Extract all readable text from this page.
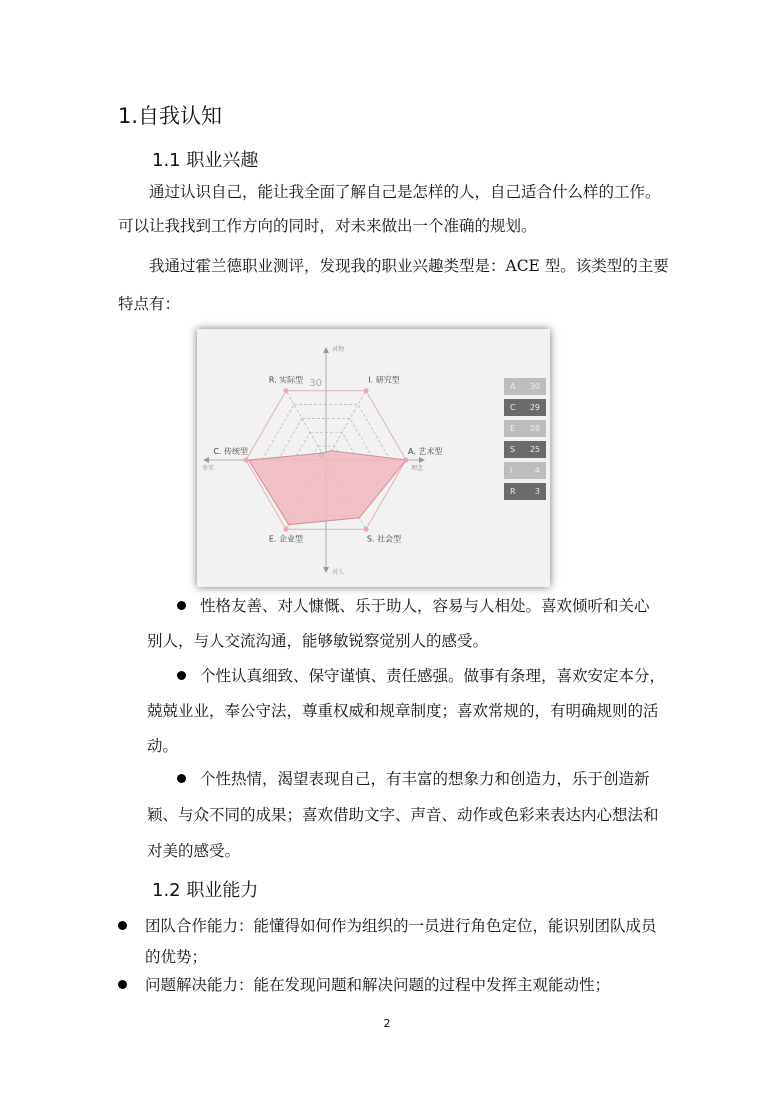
1.自我认知
1.1 职业兴趣
通过认识自己，能让我全面了解自己是怎样的人，自己适合什么样的工作。
可以让我找到工作方向的同时，对未来做出一个准确的规划。
我通过霍兰德职业测评，发现我的职业兴趣类型是：ACE 型。该类型的主要
特点有：
R. 实际型	I. 研究型
A. 艺术型
S. 社会型
E. 企业型
C. 传统型
对物
对人
务实	理念
30
0
A 30
C 29
E 28
S 25
I	4
R 3
性格友善、对人慷慨、乐于助人，容易与人相处。喜欢倾听和关心
别人，与人交流沟通，能够敏锐察觉别人的感受。
个性认真细致、保守谨慎、责任感强。做事有条理，喜欢安定本分，
兢兢业业，奉公守法，尊重权威和规章制度；喜欢常规的，有明确规则的活
动。
个性热情，渴望表现自己，有丰富的想象力和创造力，乐于创造新
颖、与众不同的成果；喜欢借助文字、声音、动作或色彩来表达内心想法和
对美的感受。
1.2 职业能力
团队合作能力：能懂得如何作为组织的一员进行角色定位，能识别团队成员
的优势；
问题解决能力：能在发现问题和解决问题的过程中发挥主观能动性；
2
